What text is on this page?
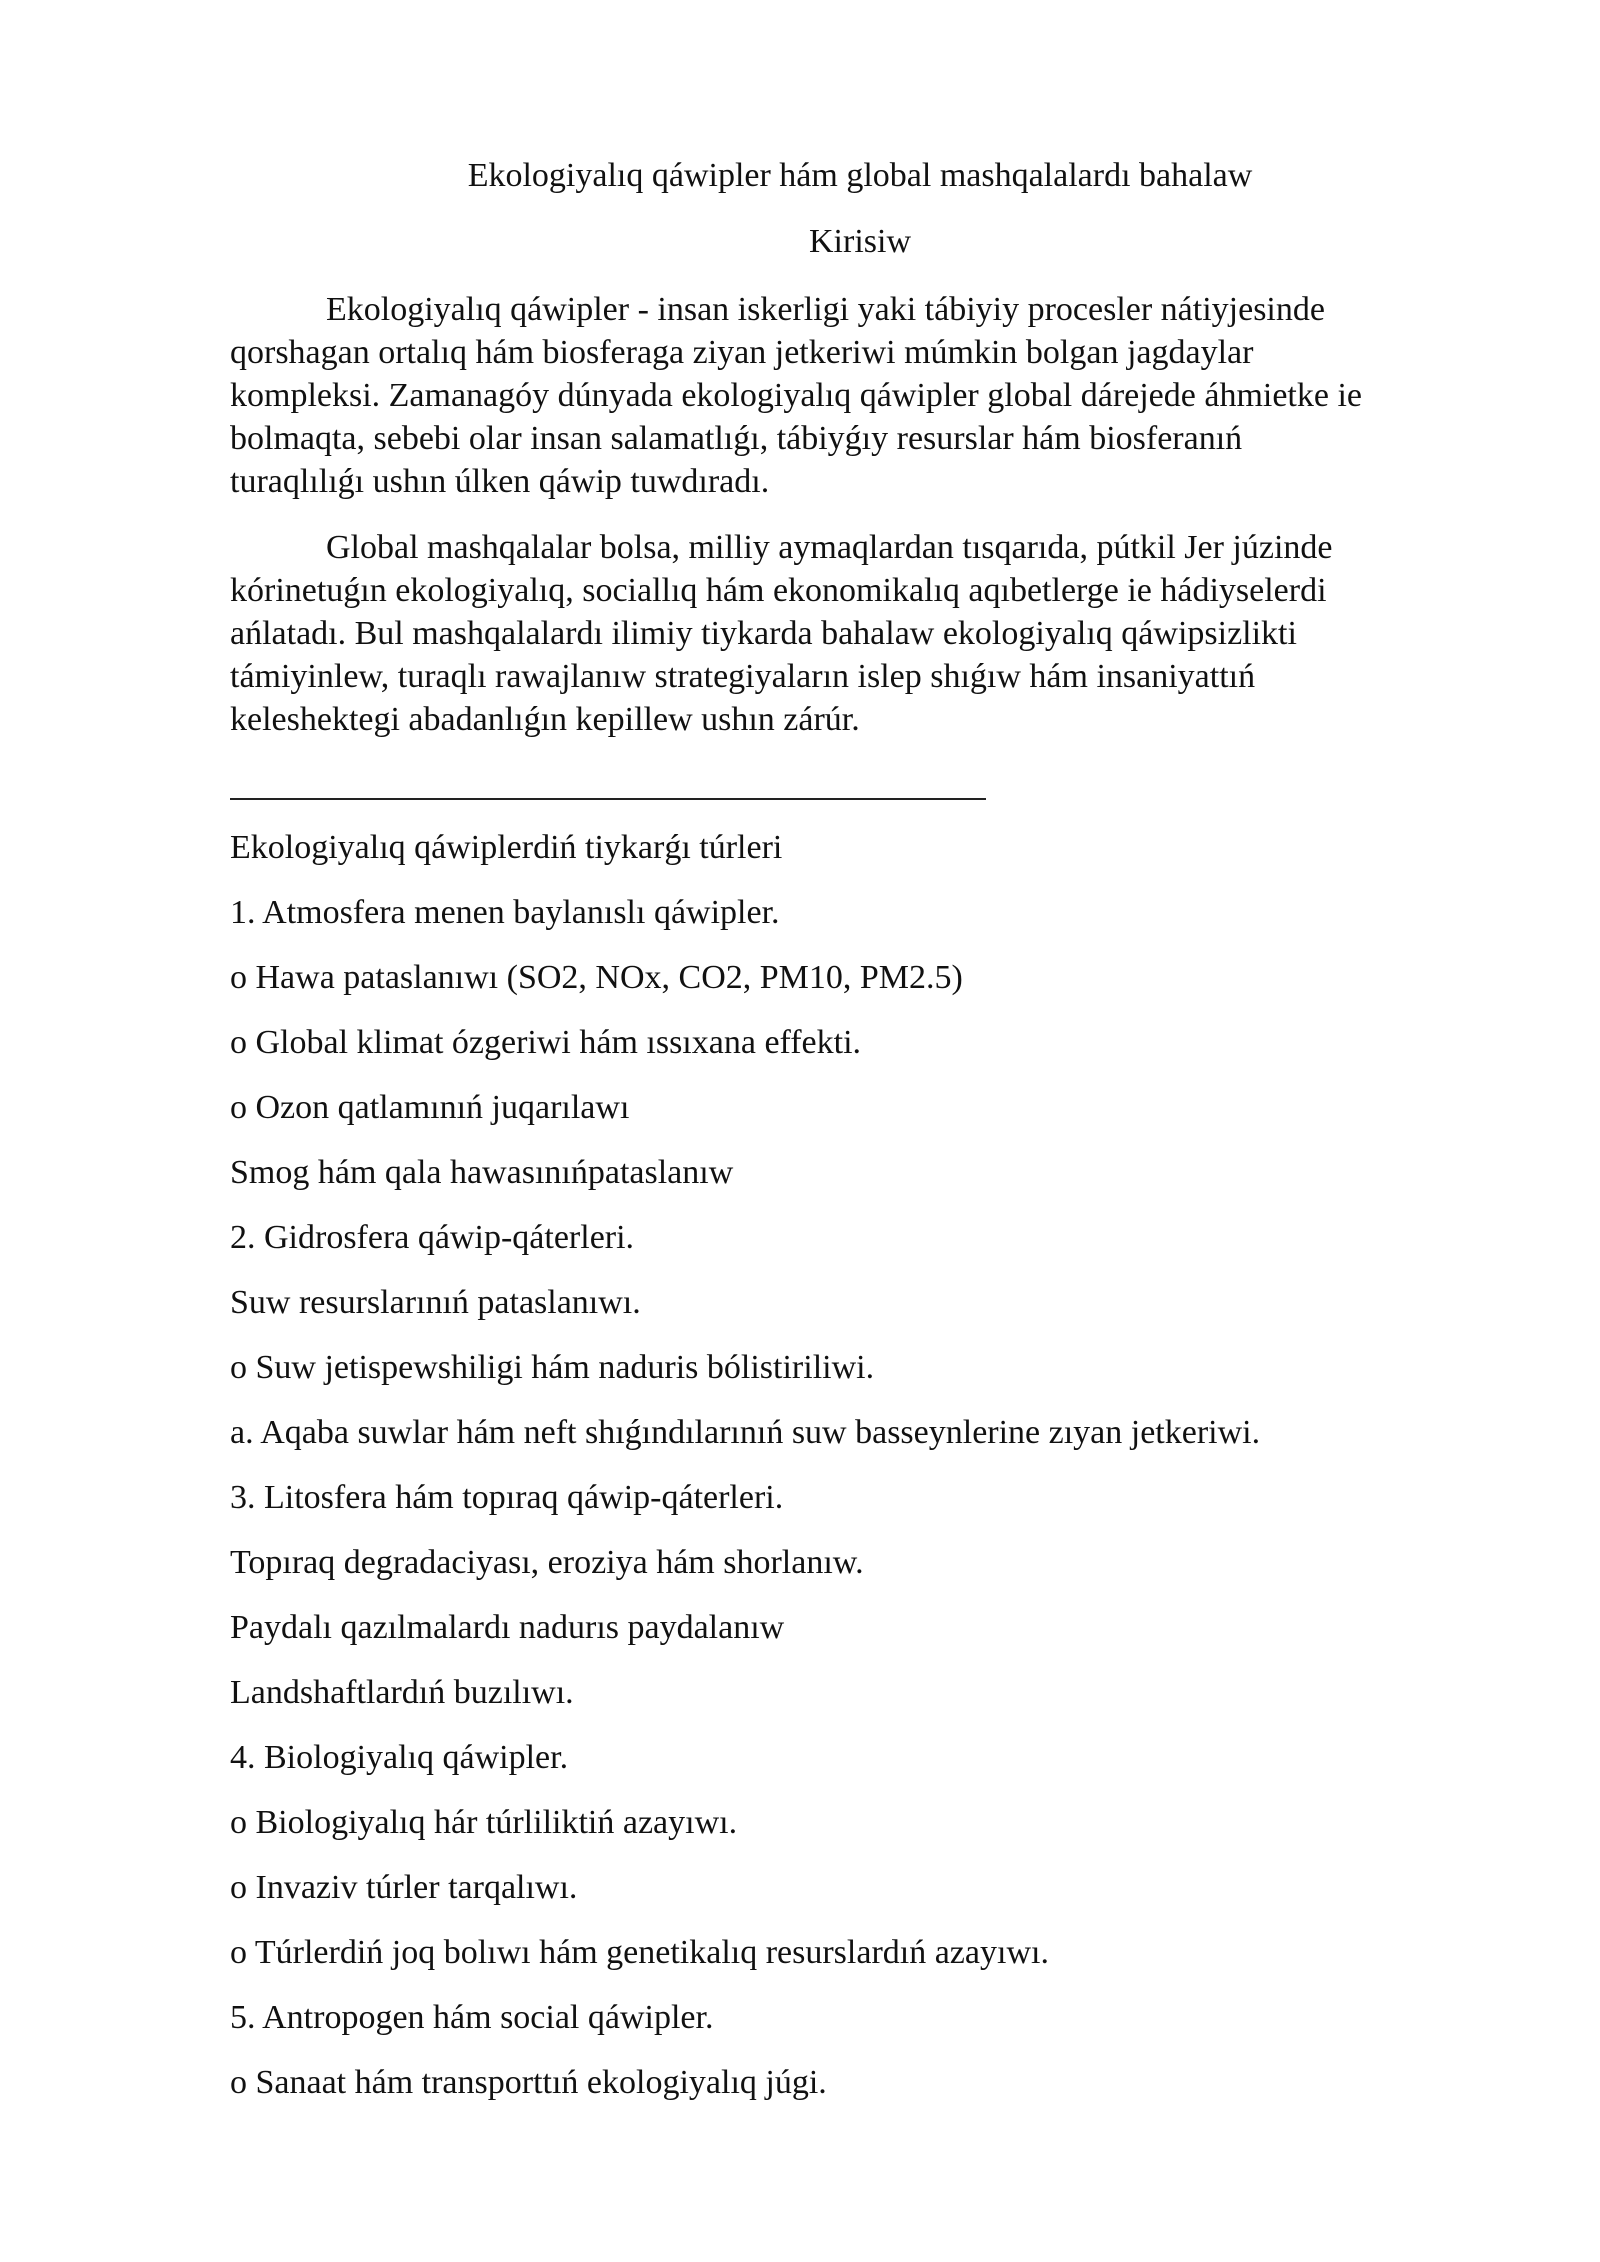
Ekologiyalıq qáwipler hám global mashqalalardı bahalaw
Kirisiw
Ekologiyalıq qáwipler - insan iskerligi yaki tábiyiy procesler nátiyjesinde
qorshagan ortalıq hám biosferaga ziyan jetkeriwi múmkin bolgan jagdaylar
kompleksi. Zamanagóy dúnyada ekologiyalıq qáwipler global dárejede áhmietke ie
bolmaqta, sebebi olar insan salamatlıǵı, tábiyǵıy resurslar hám biosferanıń
turaqlılıǵı ushın úlken qáwip tuwdıradı.
Global mashqalalar bolsa, milliy aymaqlardan tısqarıda, pútkil Jer júzinde
kórinetuǵın ekologiyalıq, sociallıq hám ekonomikalıq aqıbetlerge ie hádiyselerdi
ańlatadı. Bul mashqalalardı ilimiy tiykarda bahalaw ekologiyalıq qáwipsizlikti
támiyinlew, turaqlı rawajlanıw strategiyaların islep shıǵıw hám insaniyattıń
keleshektegi abadanlıǵın kepillew ushın zárúr.
Ekologiyalıq qáwiplerdiń tiykarǵı túrleri
1. Atmosfera menen baylanıslı qáwipler.
o Hawa pataslanıwı (SO2, NOx, CO2, PM10, PM2.5)
o Global klimat ózgeriwi hám ıssıxana effekti.
o Ozon qatlamınıń juqarılawı
Smog hám qala hawasınıńpataslanıw
2. Gidrosfera qáwip-qáterleri.
Suw resurslarınıń pataslanıwı.
o Suw jetispewshiligi hám naduris bólistiriliwi.
a. Aqaba suwlar hám neft shıǵındılarınıń suw basseynlerine zıyan jetkeriwi.
3. Litosfera hám topıraq qáwip-qáterleri.
Topıraq degradaciyası, eroziya hám shorlanıw.
Paydalı qazılmalardı nadurıs paydalanıw
Landshaftlardıń buzılıwı.
4. Biologiyalıq qáwipler.
o Biologiyalıq hár túrliliktiń azayıwı.
o Invaziv túrler tarqalıwı.
o Túrlerdiń joq bolıwı hám genetikalıq resurslardıń azayıwı.
5. Antropogen hám social qáwipler.
o Sanaat hám transporttıń ekologiyalıq júgi.
